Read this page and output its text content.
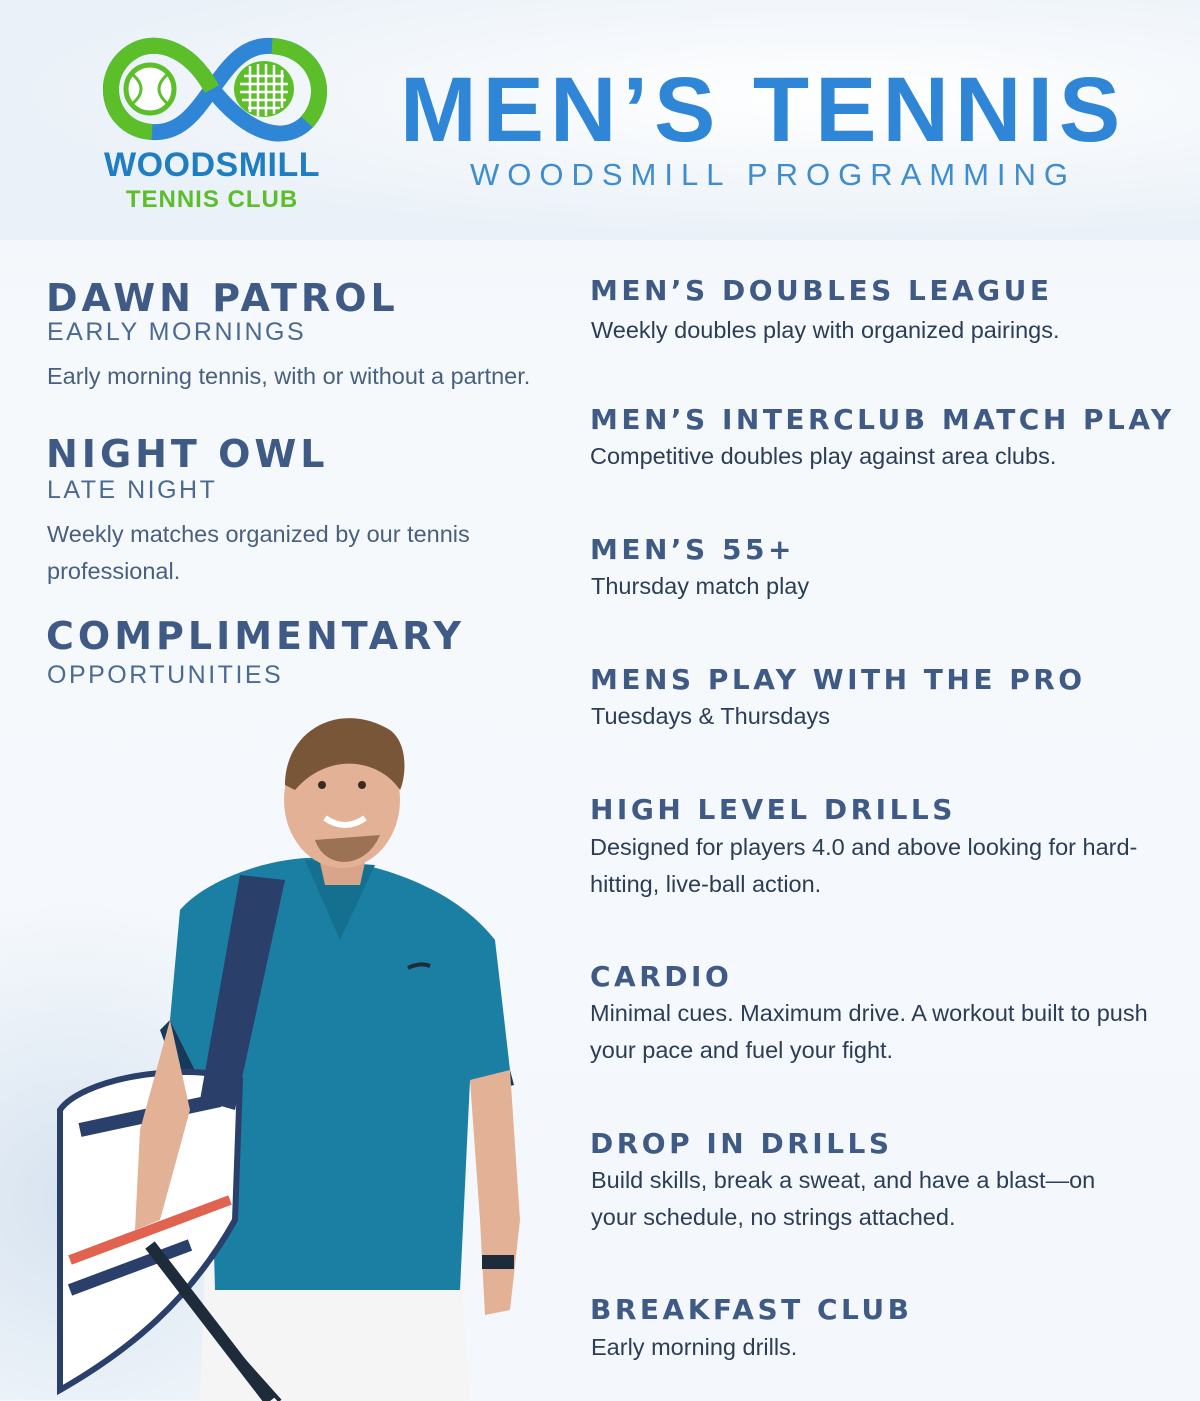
WOODSMILL
TENNIS CLUB
MEN’S TENNIS
WOODSMILL PROGRAMMING
DAWN PATROL
EARLY MORNINGS
Early morning tennis, with or without a partner.
NIGHT OWL
LATE NIGHT
Weekly matches organized by our tennis professional.
COMPLIMENTARY
OPPORTUNITIES
MEN’S DOUBLES LEAGUE
Weekly doubles play with organized pairings.
MEN’S INTERCLUB MATCH PLAY
Competitive doubles play against area clubs.
MEN’S 55+
Thursday match play
MENS PLAY WITH THE PRO
Tuesdays & Thursdays
HIGH LEVEL DRILLS
Designed for players 4.0 and above looking for hard-hitting, live-ball action.
CARDIO
Minimal cues. Maximum drive. A workout built to push your pace and fuel your fight.
DROP IN DRILLS
Build skills, break a sweat, and have a blast—on your schedule, no strings attached.
BREAKFAST CLUB
Early morning drills.
